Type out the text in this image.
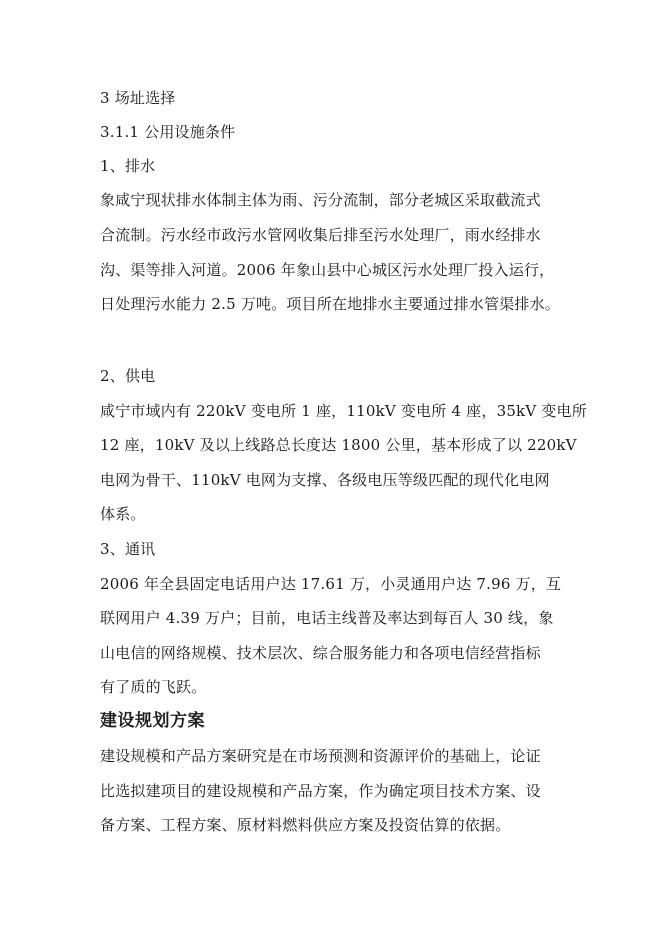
3 场址选择
3.1.1 公用设施条件
1、排水
象咸宁现状排水体制主体为雨、污分流制，部分老城区采取截流式
合流制。污水经市政污水管网收集后排至污水处理厂，雨水经排水
沟、渠等排入河道。2006 年象山县中心城区污水处理厂投入运行，
日处理污水能力 2.5 万吨。项目所在地排水主要通过排水管渠排水。
2、供电
咸宁市域内有 220kV 变电所 1 座，110kV 变电所 4 座，35kV 变电所
12 座，10kV 及以上线路总长度达 1800 公里，基本形成了以 220kV
电网为骨干、110kV 电网为支撑、各级电压等级匹配的现代化电网
体系。
3、通讯
2006 年全县固定电话用户达 17.61 万，小灵通用户达 7.96 万，互
联网用户 4.39 万户；目前，电话主线普及率达到每百人 30 线，象
山电信的网络规模、技术层次、综合服务能力和各项电信经营指标
有了质的飞跃。
建设规划方案
建设规模和产品方案研究是在市场预测和资源评价的基础上，论证
比选拟建项目的建设规模和产品方案，作为确定项目技术方案、设
备方案、工程方案、原材料燃料供应方案及投资估算的依据。
